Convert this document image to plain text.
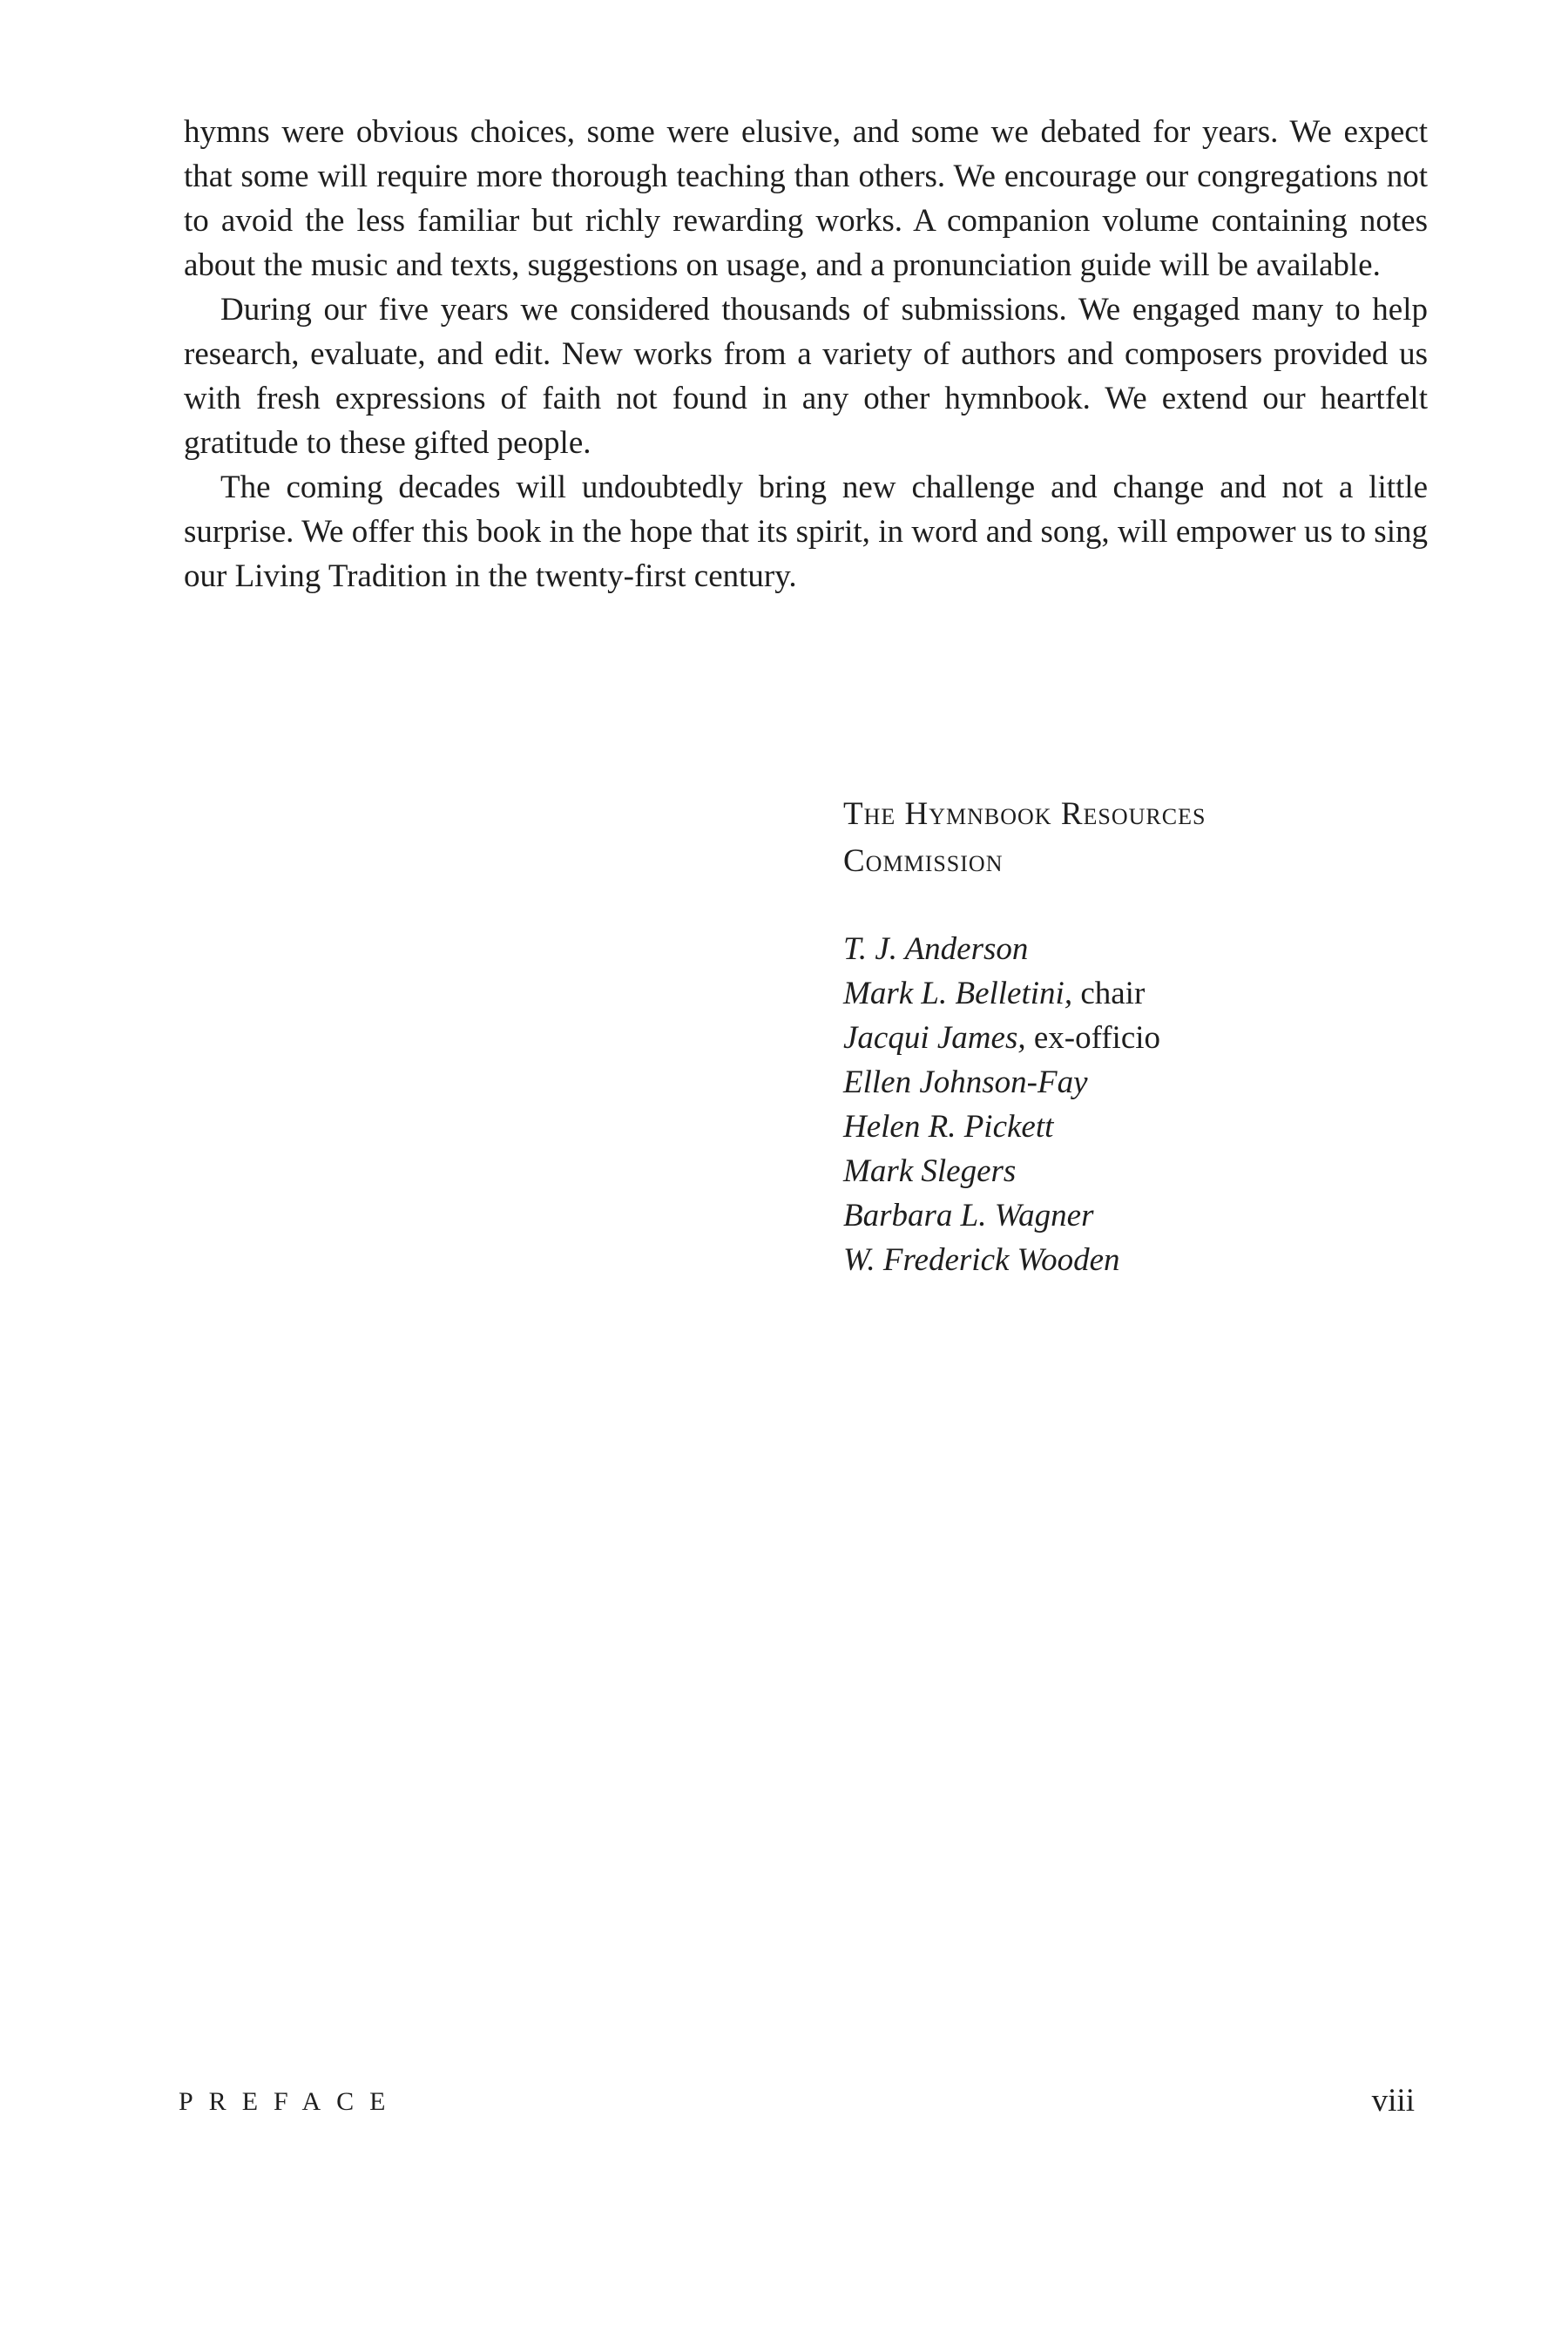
hymns were obvious choices, some were elusive, and some we debated for years. We expect that some will require more thorough teaching than others. We encourage our congregations not to avoid the less familiar but richly rewarding works. A companion volume containing notes about the music and texts, suggestions on usage, and a pronunciation guide will be available.

During our five years we considered thousands of submissions. We engaged many to help research, evaluate, and edit. New works from a variety of authors and composers provided us with fresh expressions of faith not found in any other hymnbook. We extend our heartfelt gratitude to these gifted people.

The coming decades will undoubtedly bring new challenge and change and not a little surprise. We offer this book in the hope that its spirit, in word and song, will empower us to sing our Living Tradition in the twenty-first century.

The Hymnbook Resources

Commission

T. J. Anderson
Mark L. Belletini, chair
Jacqui James, ex-officio
Ellen Johnson-Fay
Helen R. Pickett
Mark Slegers
Barbara L. Wagner
W. Frederick Wooden
PREFACE	viii
